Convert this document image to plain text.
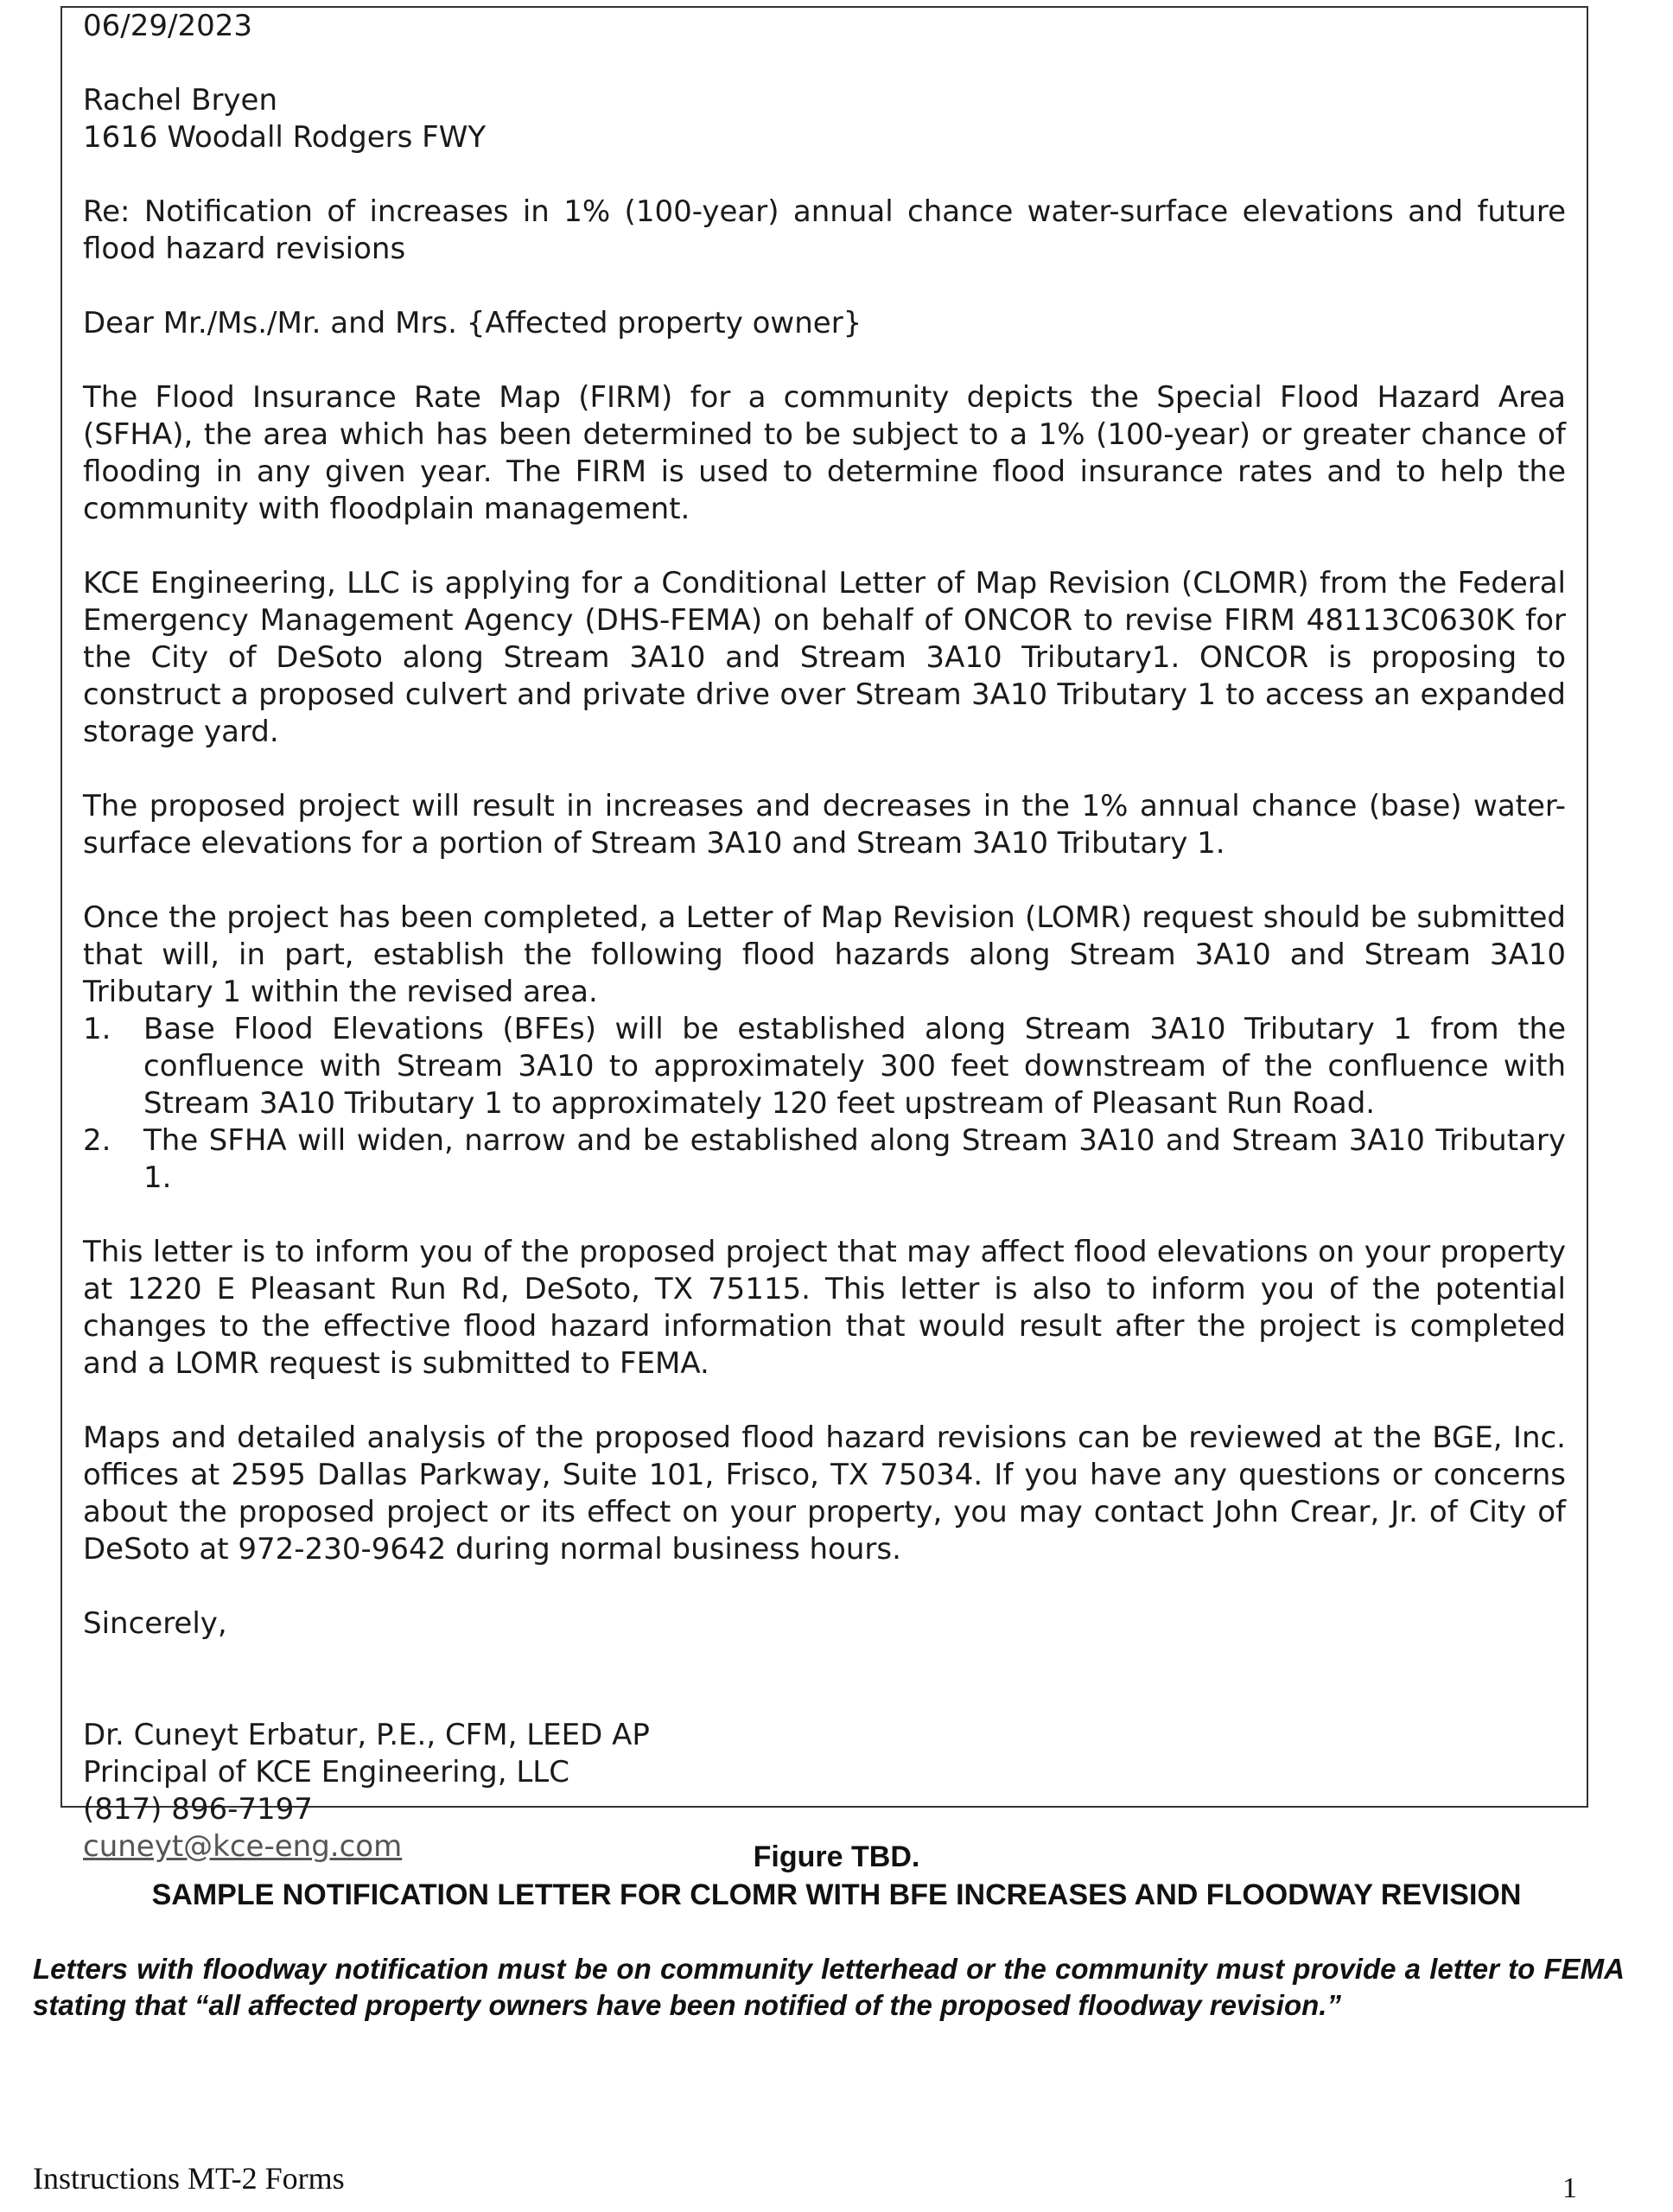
06/29/2023

Rachel Bryen

1616 Woodall Rodgers FWY

Re: Notification of increases in 1% (100-year) annual chance water-surface elevations and future flood hazard revisions

Dear Mr./Ms./Mr. and Mrs. {Affected property owner}

The Flood Insurance Rate Map (FIRM) for a community depicts the Special Flood Hazard Area (SFHA), the area which has been determined to be subject to a 1% (100-year) or greater chance of flooding in any given year. The FIRM is used to determine flood insurance rates and to help the community with floodplain management.

KCE Engineering, LLC is applying for a Conditional Letter of Map Revision (CLOMR) from the Federal Emergency Management Agency (DHS-FEMA) on behalf of ONCOR to revise FIRM 48113C0630K for the City of DeSoto along Stream 3A10 and Stream 3A10 Tributary1. ONCOR is proposing to construct a proposed culvert and private drive over Stream 3A10 Tributary 1 to access an expanded storage yard.

The proposed project will result in increases and decreases in the 1% annual chance (base) water-surface elevations for a portion of Stream 3A10 and Stream 3A10 Tributary 1.

Once the project has been completed, a Letter of Map Revision (LOMR) request should be submitted that will, in part, establish the following flood hazards along Stream 3A10 and Stream 3A10 Tributary 1 within the revised area.

1. Base Flood Elevations (BFEs) will be established along Stream 3A10 Tributary 1 from the confluence with Stream 3A10 to approximately 300 feet downstream of the confluence with Stream 3A10 Tributary 1 to approximately 120 feet upstream of Pleasant Run Road.
2. The SFHA will widen, narrow and be established along Stream 3A10 and Stream 3A10 Tributary 1.

This letter is to inform you of the proposed project that may affect flood elevations on your property at 1220 E Pleasant Run Rd, DeSoto, TX 75115. This letter is also to inform you of the potential changes to the effective flood hazard information that would result after the project is completed and a LOMR request is submitted to FEMA.

Maps and detailed analysis of the proposed flood hazard revisions can be reviewed at the BGE, Inc. offices at 2595 Dallas Parkway, Suite 101, Frisco, TX 75034. If you have any questions or concerns about the proposed project or its effect on your property, you may contact John Crear, Jr. of City of DeSoto at 972-230-9642 during normal business hours.

Sincerely,

Dr. Cuneyt Erbatur, P.E., CFM, LEED AP

Principal of KCE Engineering, LLC

(817) 896-7197

cuneyt@kce-eng.com	Figure TBD.
SAMPLE NOTIFICATION LETTER FOR CLOMR WITH BFE INCREASES AND FLOODWAY REVISION
Letters with floodway notification must be on community letterhead or the community must provide a letter to FEMA stating that “all affected property owners have been notified of the proposed floodway revision.”
Instructions MT-2 Forms	1
